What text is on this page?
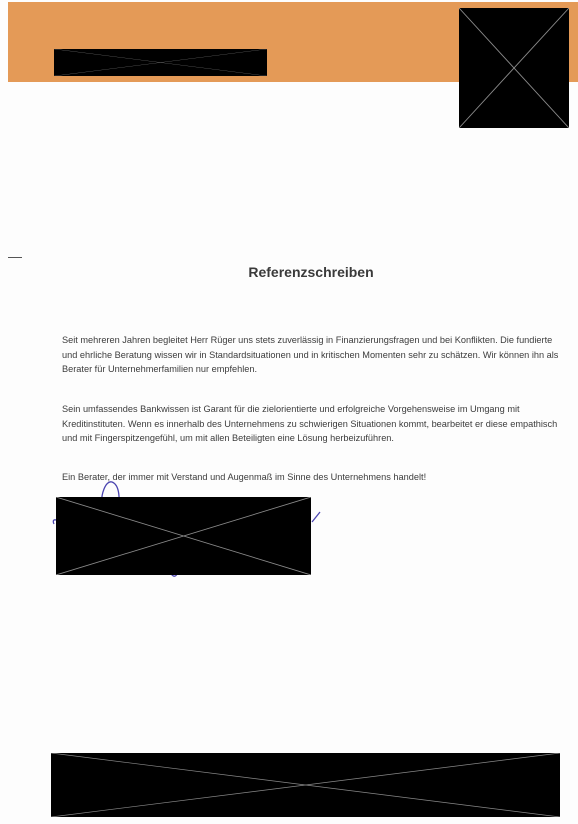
Referenzschreiben

Seit mehreren Jahren begleitet Herr Rüger uns stets zuverlässig in Finanzierungsfragen und bei Konflikten. Die fundierte und ehrliche Beratung wissen wir in Standardsituationen und in kritischen Momenten sehr zu schätzen. Wir können ihn als Berater für Unternehmerfamilien nur empfehlen.

Sein umfassendes Bankwissen ist Garant für die zielorientierte und erfolgreiche Vorgehensweise im Umgang mit Kreditinstituten. Wenn es innerhalb des Unternehmens zu schwierigen Situationen kommt, bearbeitet er diese empathisch und mit Fingerspitzengefühl, um mit allen Beteiligten eine Lösung herbeizuführen.

Ein Berater, der immer mit Verstand und Augenmaß im Sinne des Unternehmens handelt!
